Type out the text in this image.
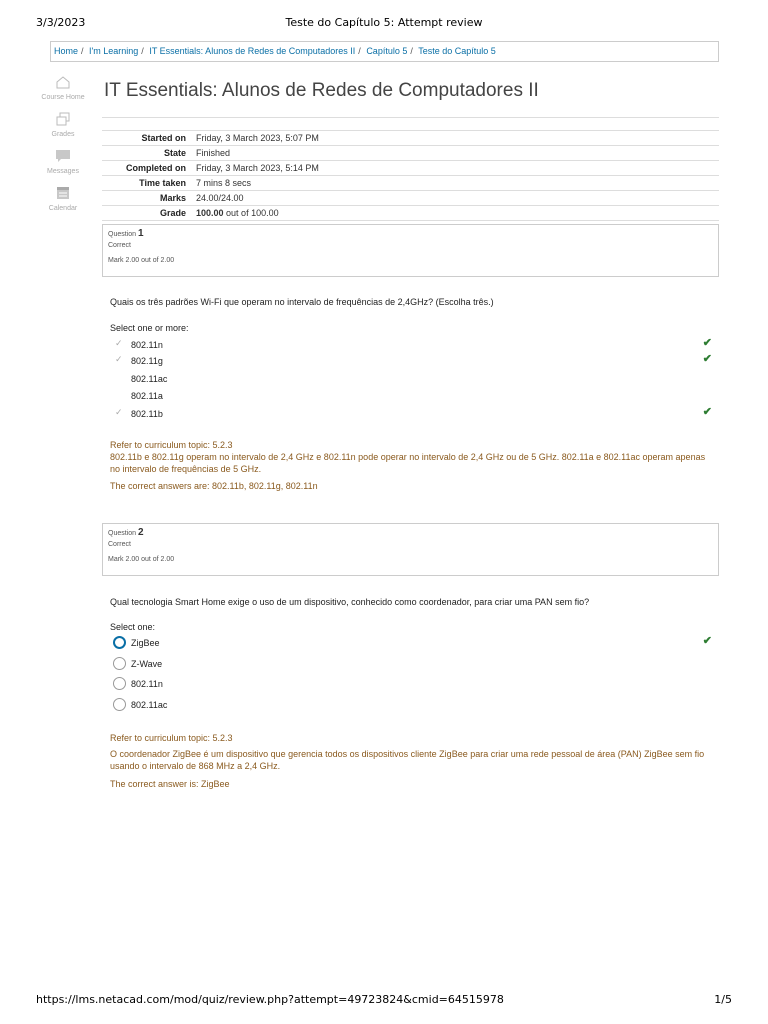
3/3/2023	Teste do Capítulo 5: Attempt review
Home / I'm Learning / IT Essentials: Alunos de Redes de Computadores II / Capítulo 5 / Teste do Capítulo 5
Course Home
Grades
Messages
Calendar
IT Essentials: Alunos de Redes de Computadores II
Started on	Friday, 3 March 2023, 5:07 PM
State	Finished
Completed on	Friday, 3 March 2023, 5:14 PM
Time taken	7 mins 8 secs
Marks	24.00/24.00
Grade	100.00 out of 100.00
Question 1
Correct
Mark 2.00 out of 2.00
Quais os três padrões Wi-Fi que operam no intervalo de frequências de 2,4GHz? (Escolha três.)
Select one or more:
✓ 802.11n	✔
✓ 802.11g	✔
802.11ac
802.11a
✓ 802.11b	✔
Refer to curriculum topic: 5.2.3
802.11b e 802.11g operam no intervalo de 2,4 GHz e 802.11n pode operar no intervalo de 2,4 GHz ou de 5 GHz. 802.11a e 802.11ac operam apenas no intervalo de frequências de 5 GHz.
The correct answers are: 802.11b, 802.11g, 802.11n
Question 2
Correct
Mark 2.00 out of 2.00
Qual tecnologia Smart Home exige o uso de um dispositivo, conhecido como coordenador, para criar uma PAN sem fio?
Select one:
ZigBee	✔
Z-Wave
802.11n
802.11ac
Refer to curriculum topic: 5.2.3
O coordenador ZigBee é um dispositivo que gerencia todos os dispositivos cliente ZigBee para criar uma rede pessoal de área (PAN) ZigBee sem fio usando o intervalo de 868 MHz a 2,4 GHz.
The correct answer is: ZigBee
https://lms.netacad.com/mod/quiz/review.php?attempt=49723824&cmid=64515978	1/5
